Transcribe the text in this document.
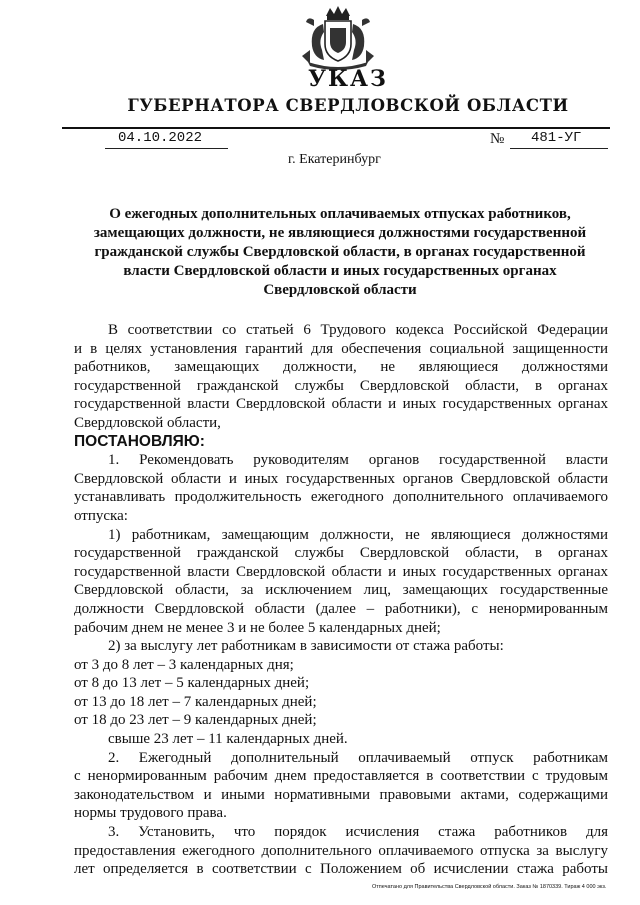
УКАЗ
ГУБЕРНАТОРА СВЕРДЛОВСКОЙ ОБЛАСТИ
04.10.2022	№ 481-УГ
г. Екатеринбург
О ежегодных дополнительных оплачиваемых отпусках работников,
замещающих должности, не являющиеся должностями государственной
гражданской службы Свердловской области, в органах государственной
власти Свердловской области и иных государственных органах
Свердловской области
В соответствии со статьей 6 Трудового кодекса Российской Федерации
и в целях установления гарантий для обеспечения социальной защищенности
работников, замещающих должности, не являющиеся должностями
государственной гражданской службы Свердловской области, в органах
государственной власти Свердловской области и иных государственных органах
Свердловской области,
ПОСТАНОВЛЯЮ:
1. Рекомендовать руководителям органов государственной власти
Свердловской области и иных государственных органов Свердловской области
устанавливать продолжительность ежегодного дополнительного оплачиваемого
отпуска:
1) работникам, замещающим должности, не являющиеся должностями
государственной гражданской службы Свердловской области, в органах
государственной власти Свердловской области и иных государственных органах
Свердловской области, за исключением лиц, замещающих государственные
должности Свердловской области (далее – работники), с ненормированным
рабочим днем не менее 3 и не более 5 календарных дней;
2) за выслугу лет работникам в зависимости от стажа работы:
от 3 до 8 лет – 3 календарных дня;
от 8 до 13 лет – 5 календарных дней;
от 13 до 18 лет – 7 календарных дней;
от 18 до 23 лет – 9 календарных дней;
свыше 23 лет – 11 календарных дней.
2. Ежегодный дополнительный оплачиваемый отпуск работникам
с ненормированным рабочим днем предоставляется в соответствии с трудовым
законодательством и иными нормативными правовыми актами, содержащими
нормы трудового права.
3. Установить, что порядок исчисления стажа работников для
предоставления ежегодного дополнительного оплачиваемого отпуска за выслугу
лет определяется в соответствии с Положением об исчислении стажа работы
Отпечатано для Правительства Свердловской области. Заказ № 1870339. Тираж 4 000 экз.
